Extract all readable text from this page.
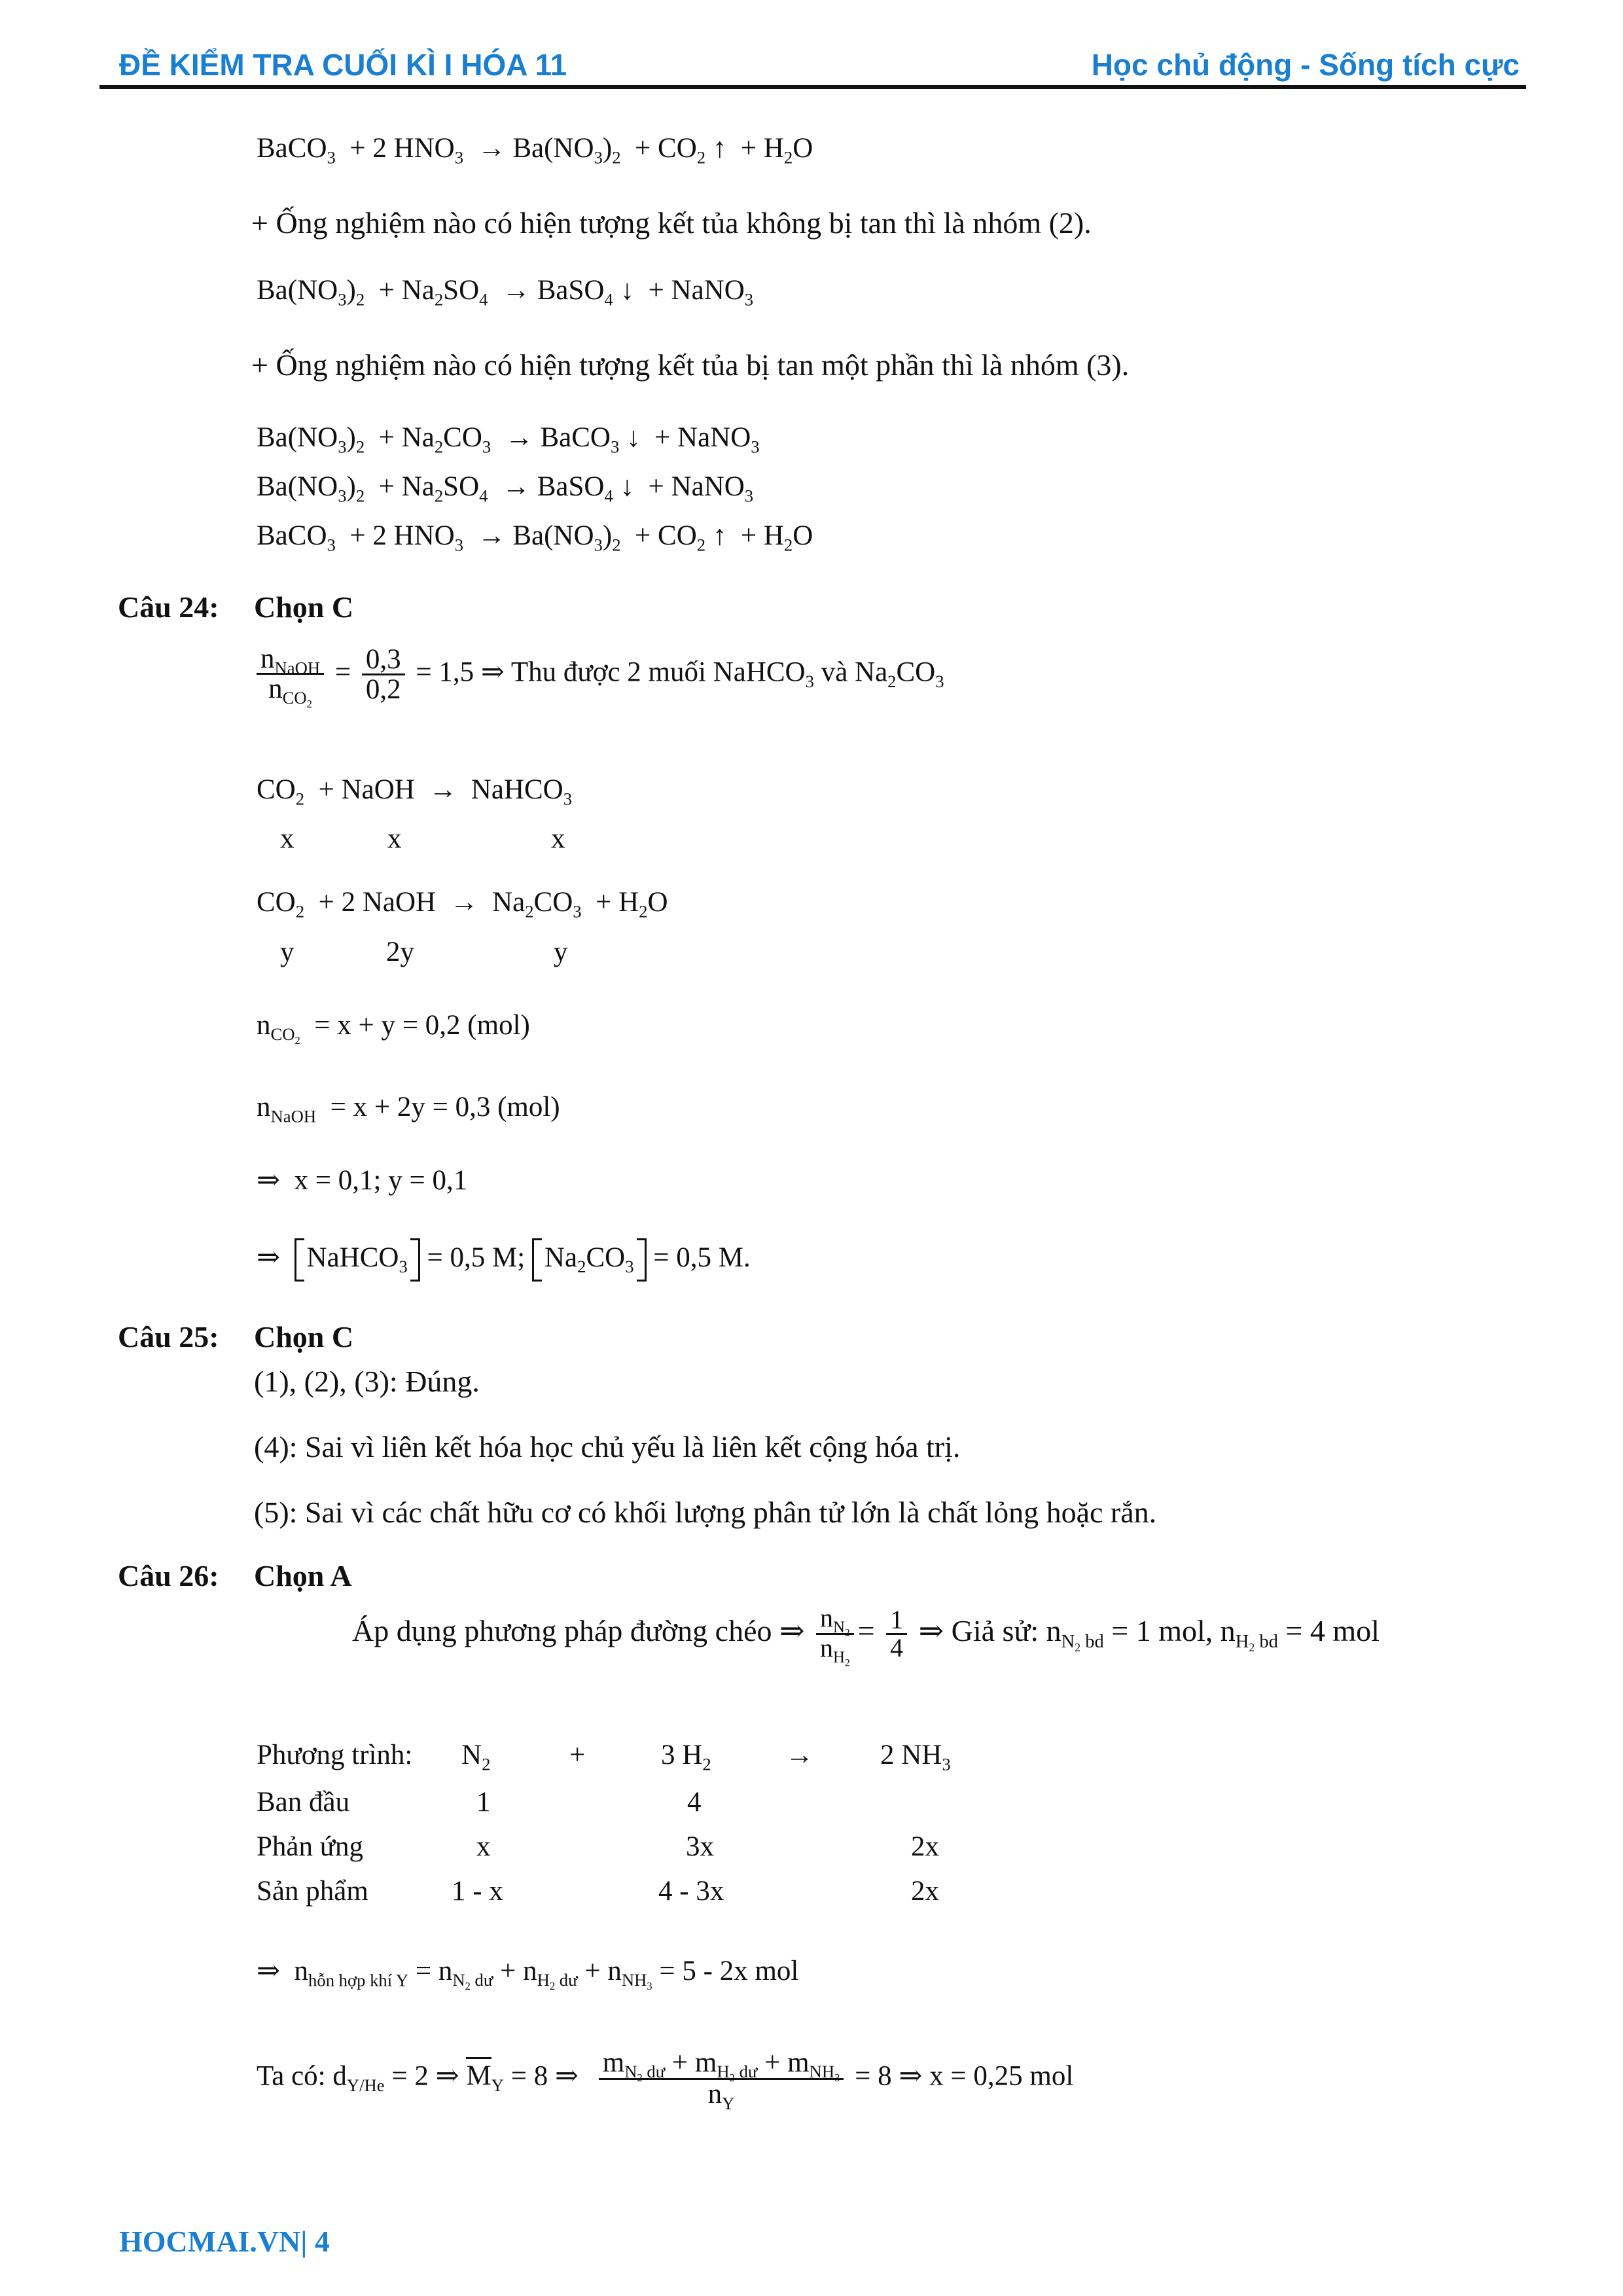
ĐỀ KIỂM TRA CUỐI KÌ I HÓA 11	Học chủ động - Sống tích cực
BaCO$_3$  + 2 $HNO_3 \to Ba(NO_3)_2 + CO_2$ ↑  + $H_2O$
+ Ống nghiệm nào có hiện tượng kết tủa không bị tan thì là nhóm (2).
$Ba(NO_3)_2 + Na_2SO_4$  → BaSO$_4$ ↓  + NaNO$_3$
+ Ống nghiệm nào có hiện tượng kết tủa bị tan một phần thì là nhóm (3).
$Ba(NO_3)_2 + Na_2CO_3$  → BaCO$_3$ ↓  + NaNO$_3$
$Ba(NO_3)_2 + Na_2SO_4$  → BaSO$_4$ ↓  + NaNO$_3$
BaCO$_3$  + 2 $HNO_3 \to Ba(NO_3)_2 + CO_2$ ↑  + $H_2O$
Câu 24: Chọn C
$\frac{n_{NaOH}}{n_{CO_2}} = \frac{0,3}{0,2} = 1,5$ ⇒ Thu được 2 muối NaHCO$_3$ và $Na_2CO_3$
$CO_2$  + NaOH  →  NaHCO$_3$
x	x	x
$CO_2 + 2$ NaOH  →  $Na_2CO_3 + H_2O$
y	2y	y
$n_{CO_2} = x + y = 0,2$ (mol)
$n_{NaOH} = x + 2y = 0,3$ (mol)
⇒  x = 0,1; y = 0,1
⇒  NaHCO$_3$ = 0,5 M; $Na_2CO_3 = 0,5$ M.
Câu 25: Chọn C
(1), (2), (3): Đúng.
(4): Sai vì liên kết hóa học chủ yếu là liên kết cộng hóa trị.
(5): Sai vì các chất hữu cơ có khối lượng phân tử lớn là chất lỏng hoặc rắn.
Câu 26: Chọn A
Áp dụng phương pháp đường chéo ⇒ $\frac{n_{N_2}}{n_{H_2}} = \frac{1}{4}$ ⇒ Giả sử: $n_{N_2 bd} = 1$ mol, $n_{H_2 bd} = 4$ mol
Phương trình: $N_2$	+	3 $H_2$	→ 2 $NH_3$
Ban đầu	1	4
Phản ứng	x	3x	2x
Sản phẩm	1 - x	4 - 3x	2x
⇒  $n_{hỗn hợp khí Y} = n_{N_2 dư} + n_{H_2 dư} + n_{NH_3} = 5 - 2x$ mol
Ta có: $d_{Y/He} = 2$ ⇒ $M_Y = 8$ ⇒ $\frac{m_{N_2 dư} + m_{H_2 dư} + m_{NH_3}}{n_Y} = 8$ ⇒ x = 0,25 mol
HOCMAI.VN| 4
